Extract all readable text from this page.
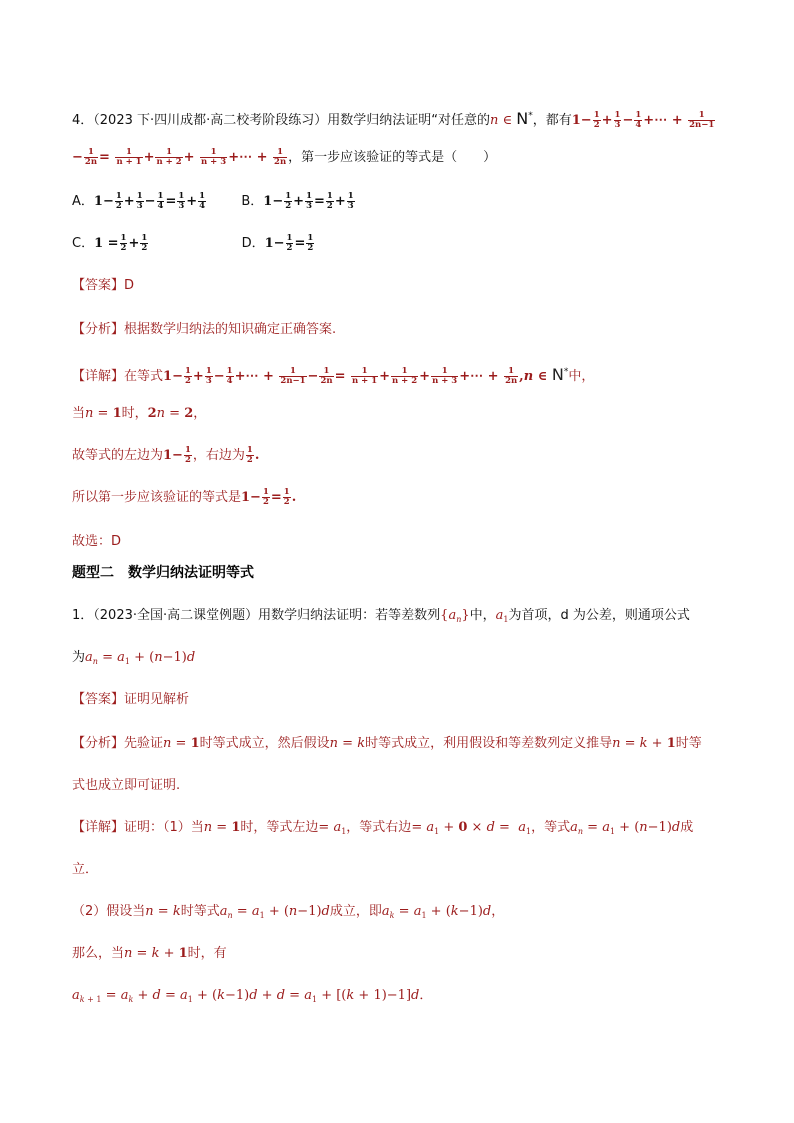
4．（2023 下·四川成都·高二校考阶段练习）用数学归纳法证明“对任意的n ∈ N*，都有$1- \frac{1}{2} + \frac{1}{3} - \frac{1}{4}$ +⋯ + $\frac{1}{2n-1}$
− $\frac{1}{2n} = \frac{1}{n + 1} + \frac{1}{n + 2} + \frac{1}{n + 3}$ +⋯ + $\frac{1}{2n}$ ，第一步应该验证的等式是（　　）
A．$1- \frac{1}{2} + \frac{1}{3} - \frac{1}{4} = \frac{1}{3} + \frac{1}{4}$	B．$1- \frac{1}{2} + \frac{1}{3} = \frac{1}{2} + \frac{1}{3}$
C．$1 = \frac{1}{2} + \frac{1}{2}$	D．$1- \frac{1}{2} = \frac{1}{2}$
【答案】D
【分析】根据数学归纳法的知识确定正确答案.
【详解】在等式$1- \frac{1}{2} + \frac{1}{3} - \frac{1}{4}$ +⋯ + $\frac{1}{2n-1} - \frac{1}{2n} = \frac{1}{n + 1} + \frac{1}{n + 2} + \frac{1}{n + 3}$ +⋯ + $\frac{1}{2n} ,n$ ∈ N*中，
当n = 1时，2n = 2，
故等式的左边为$1- \frac{1}{2}$ ，右边为 $\frac{1}{2}$ .
所以第一步应该验证的等式是$1- \frac{1}{2} = \frac{1}{2}$ .
故选：D
题型二　数学归纳法证明等式
1．（2023·全国·高二课堂例题）用数学归纳法证明：若等差数列$\{a_n\}$中，$a_1$为首项，d 为公差，则通项公式
为$a_n = a_1 + (n-1)d$
【答案】证明见解析
【分析】先验证n = 1时等式成立，然后假设n = k时等式成立，利用假设和等差数列定义推导n = k + 1时等
式也成立即可证明.
【详解】证明：（1）当n = 1时，等式左边= $a_1$，等式右边= $a_1 + 0 \times d = a_1$，等式$a_n = a_1 + (n-1)d$成
立．
（2）假设当n = k时等式$a_n = a_1 + (n-1)d$成立，即$a_k = a_1 + (k-1)d$，
那么，当n = k + 1时，有
$a_{k + 1} = a_k + d = a_1 + (k-1)d + d = a_1 + [(k + 1)-1]d$．
